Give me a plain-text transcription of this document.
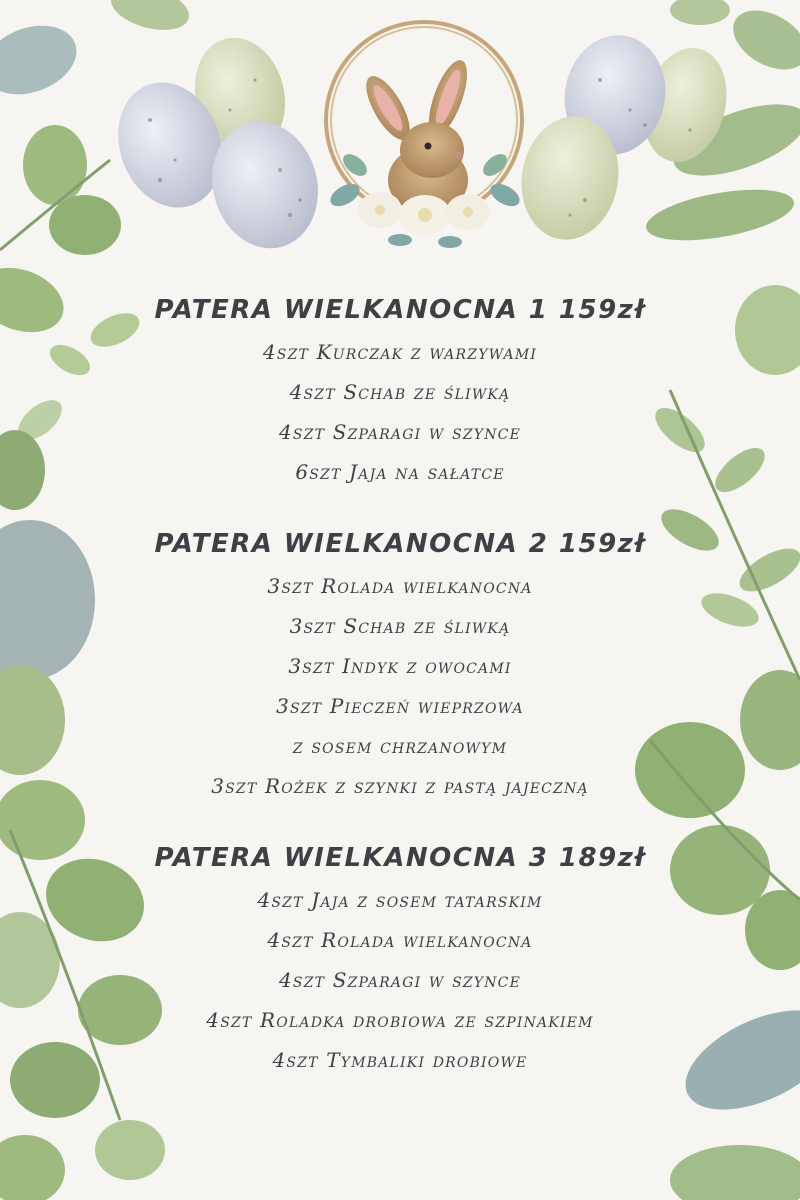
PATERA WIELKANOCNA 1 159zł
4szt Kurczak z warzywami
4szt Schab ze śliwką
4szt Szparagi w szynce
6szt Jaja na sałatce
PATERA WIELKANOCNA 2 159zł
3szt Rolada wielkanocna
3szt Schab ze śliwką
3szt Indyk z owocami
3szt Pieczeń wieprzowa
z sosem chrzanowym
3szt Rożek z szynki z pastą jajeczną
PATERA WIELKANOCNA 3 189zł
4szt Jaja z sosem tatarskim
4szt Rolada wielkanocna
4szt Szparagi w szynce
4szt Roladka drobiowa ze szpinakiem
4szt Tymbaliki drobiowe
